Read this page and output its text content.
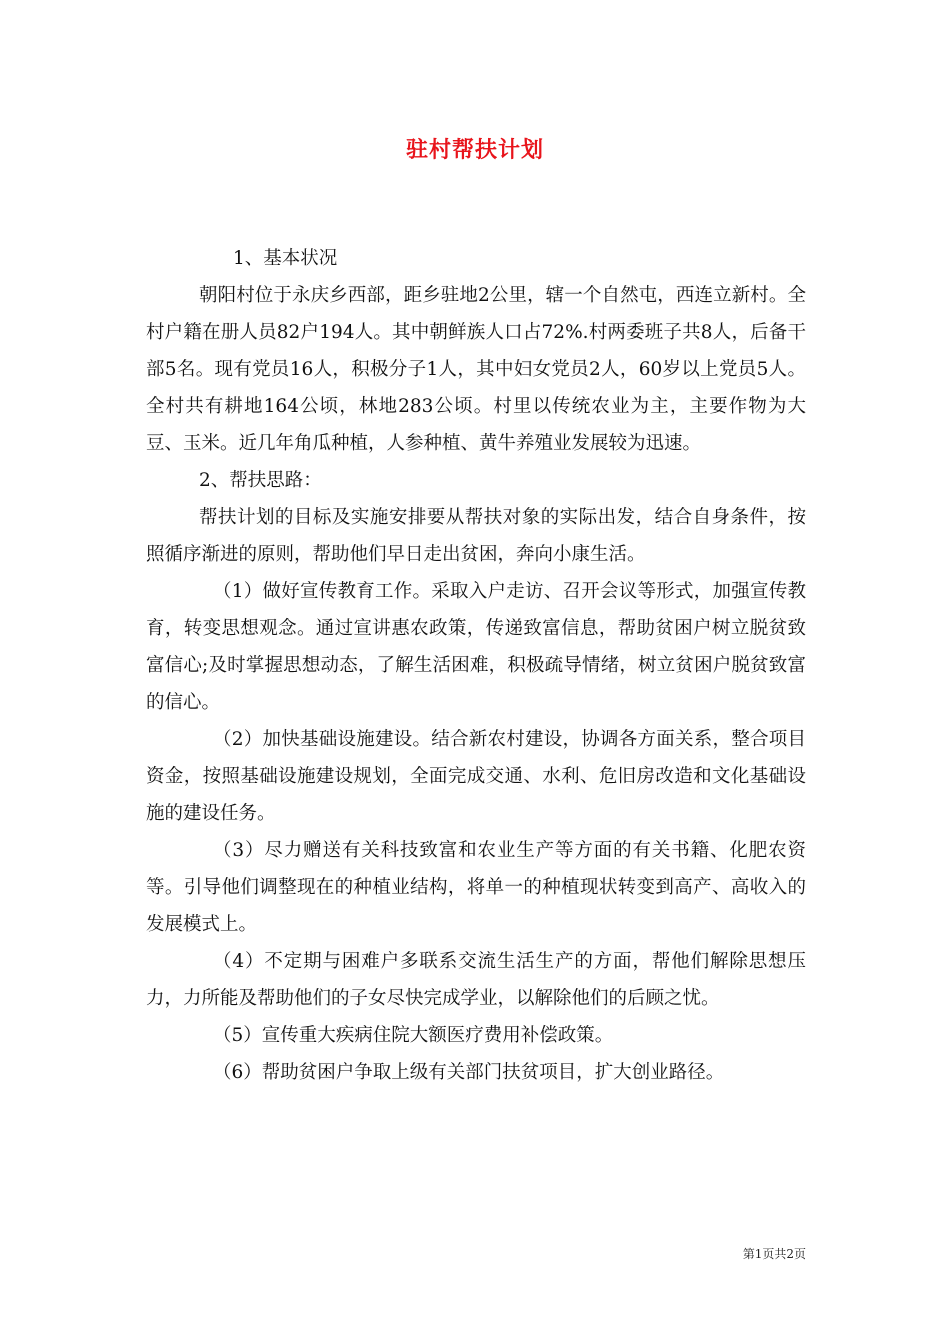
驻村帮扶计划

1、基本状况

朝阳村位于永庆乡西部，距乡驻地2公里，辖一个自然屯，西连立新村。全村户籍在册人员82户194人。其中朝鲜族人口占72%.村两委班子共8人，后备干部5名。现有党员16人，积极分子1人，其中妇女党员2人，60岁以上党员5人。全村共有耕地164公顷，林地283公顷。村里以传统农业为主，主要作物为大豆、玉米。近几年角瓜种植，人参种植、黄牛养殖业发展较为迅速。

2、帮扶思路：

帮扶计划的目标及实施安排要从帮扶对象的实际出发，结合自身条件，按照循序渐进的原则，帮助他们早日走出贫困，奔向小康生活。

（1）做好宣传教育工作。采取入户走访、召开会议等形式，加强宣传教育，转变思想观念。通过宣讲惠农政策，传递致富信息，帮助贫困户树立脱贫致富信心;及时掌握思想动态，了解生活困难，积极疏导情绪，树立贫困户脱贫致富的信心。

（2）加快基础设施建设。结合新农村建设，协调各方面关系，整合项目资金，按照基础设施建设规划，全面完成交通、水利、危旧房改造和文化基础设施的建设任务。

（3）尽力赠送有关科技致富和农业生产等方面的有关书籍、化肥农资等。引导他们调整现在的种植业结构，将单一的种植现状转变到高产、高收入的发展模式上。

（4）不定期与困难户多联系交流生活生产的方面，帮他们解除思想压力，力所能及帮助他们的子女尽快完成学业，以解除他们的后顾之忧。

（5）宣传重大疾病住院大额医疗费用补偿政策。

（6）帮助贫困户争取上级有关部门扶贫项目，扩大创业路径。

第1页共2页
